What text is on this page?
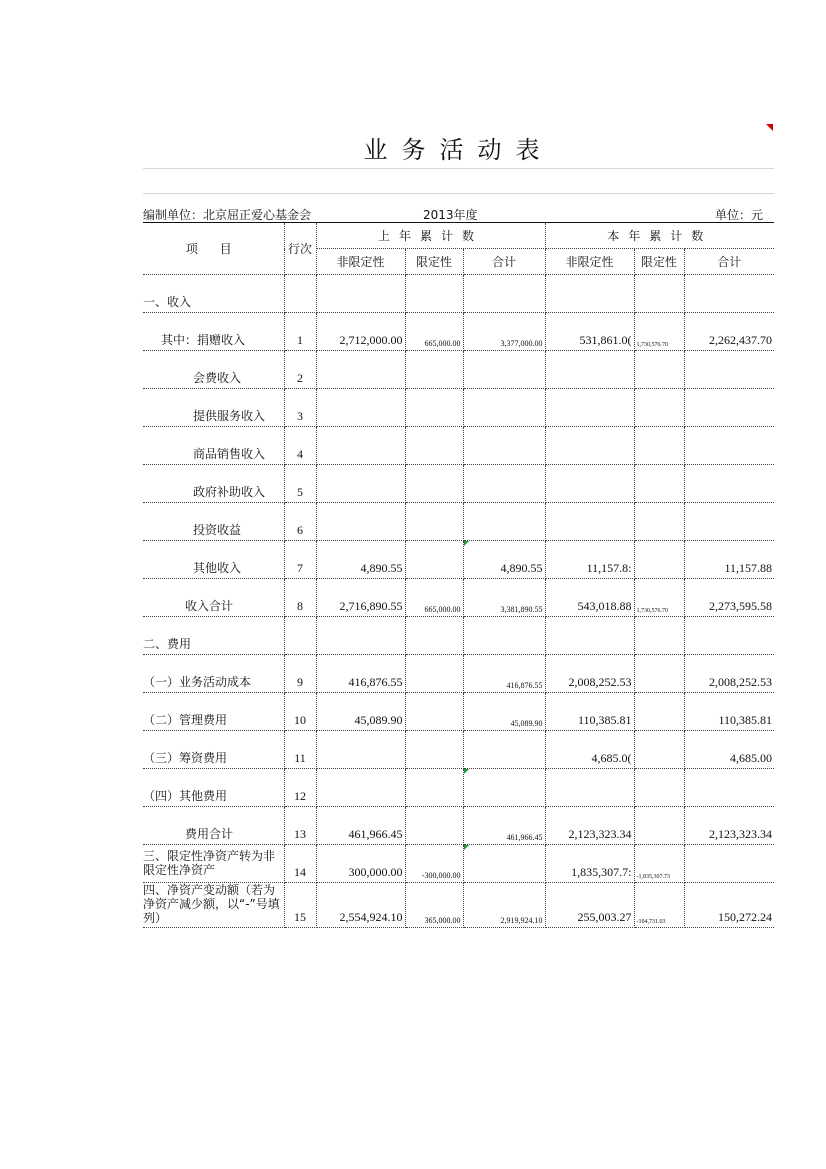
业务活动表
编制单位：北京屈正爱心基金会	2013年度	单位：元
项 目	行次	上年累计数			本年累计数		
		非限定性	限定性	合计	非限定性	限定性	合计
一、收入							
其中：捐赠收入	1	2,712,000.00	665,000.00	3,377,000.00	531,861.0(	1,730,576.70	2,262,437.70
会费收入	2						
提供服务收入	3						
商品销售收入	4						
政府补助收入	5						
投资收益	6						
其他收入	7	4,890.55		4,890.55	11,157.8:		11,157.88
收入合计	8	2,716,890.55	665,000.00	3,381,890.55	543,018.88	1,730,576.70	2,273,595.58
二、费用							
（一）业务活动成本	9	416,876.55		416,876.55	2,008,252.53		2,008,252.53
（二）管理费用	10	45,089.90		45,089.90	110,385.81		110,385.81
（三）筹资费用	11				4,685.0(		4,685.00
（四）其他费用	12						
费用合计	13	461,966.45		461,966.45	2,123,323.34		2,123,323.34
三、限定性净资产转为非限定性净资产	14	300,000.00	-300,000.00		1,835,307.7:	-1,835,307.73	
四、净资产变动额（若为净资产减少额，以“-”号填列）	15	2,554,924.10	365,000.00	2,919,924.10	255,003.27	-104,731.03	150,272.24
